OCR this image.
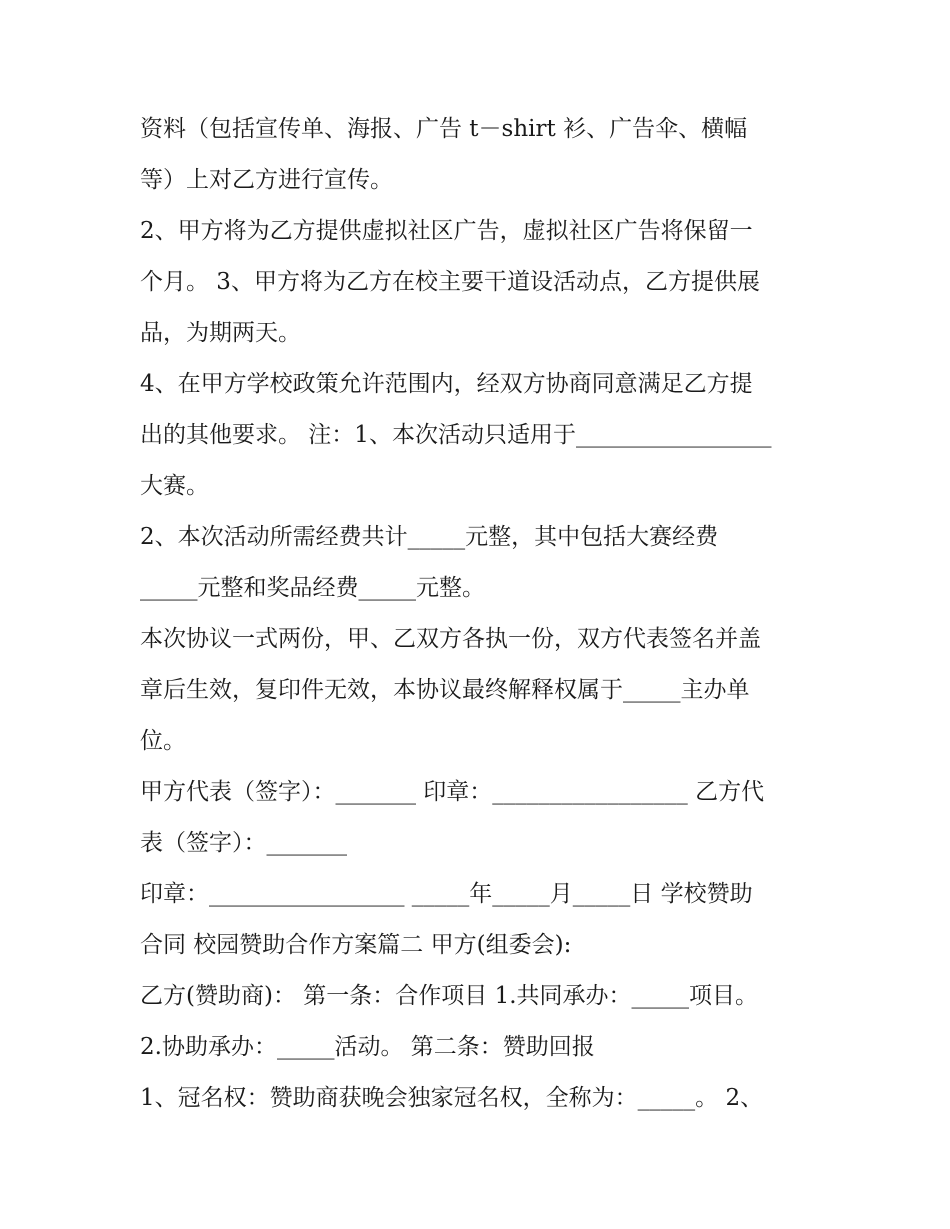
资料（包括宣传单、海报、广告 t－shirt 衫、广告伞、横幅
等）上对乙方进行宣传。
2、甲方将为乙方提供虚拟社区广告，虚拟社区广告将保留一
个月。 3、甲方将为乙方在校主要干道设活动点，乙方提供展
品，为期两天。
4、在甲方学校政策允许范围内，经双方协商同意满足乙方提
出的其他要求。 注：1、本次活动只适用于_________________
大赛。
2、本次活动所需经费共计_____元整，其中包括大赛经费
_____元整和奖品经费_____元整。
本次协议一式两份，甲、乙双方各执一份，双方代表签名并盖
章后生效，复印件无效，本协议最终解释权属于_____主办单
位。
甲方代表（签字）：_______ 印章：_________________ 乙方代
表（签字）：_______
印章：_________________ _____年_____月_____日 学校赞助
合同 校园赞助合作方案篇二 甲方(组委会):
乙方(赞助商)： 第一条：合作项目 1.共同承办：_____项目。
2.协助承办：_____活动。 第二条：赞助回报
1、冠名权：赞助商获晚会独家冠名权，全称为：_____。 2、
